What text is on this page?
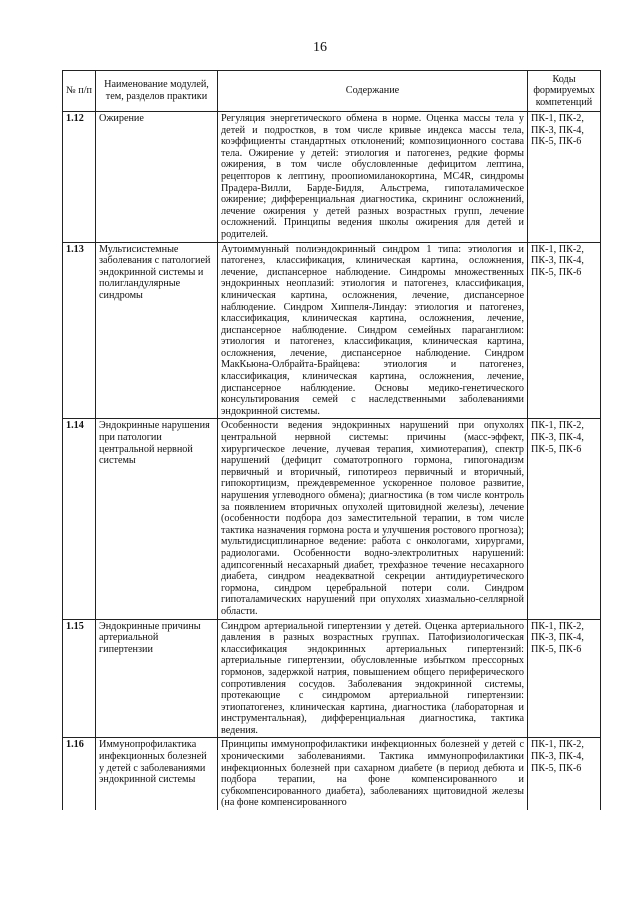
16
№ п/п	Наименование модулей, тем, разделов практики	Содержание	Коды формируемых компетенций
1.12	Ожирение	Регуляция энергетического обмена в норме. Оценка массы тела у детей и подростков, в том числе кривые индекса массы тела, коэффициенты стандартных отклонений; композиционного состава тела. Ожирение у детей: этиология и патогенез, редкие формы ожирения, в том числе обусловленные дефицитом лептина, рецепторов к лептину, проопиомиланокортина, MC4R, синдромы Прадера-Вилли, Барде-Бидля, Альстрема, гипоталамическое ожирение; дифференциальная диагностика, скрининг осложнений, лечение ожирения у детей разных возрастных групп, лечение осложнений. Принципы ведения школы ожирения для детей и родителей.	ПК-1, ПК-2, ПК-3, ПК-4, ПК-5, ПК-6
1.13	Мультисистемные заболевания с патологией эндокринной системы и полигландулярные синдромы	Аутоиммунный полиэндокринный синдром 1 типа: этиология и патогенез, классификация, клиническая картина, осложнения, лечение, диспансерное наблюдение. Синдромы множественных эндокринных неоплазий: этиология и патогенез, классификация, клиническая картина, осложнения, лечение, диспансерное наблюдение. Синдром Хиппеля-Линдау: этиология и патогенез, классификация, клиническая картина, осложнения, лечение, диспансерное наблюдение. Синдром семейных параганглиом: этиология и патогенез, классификация, клиническая картина, осложнения, лечение, диспансерное наблюдение. Синдром МакКьюна-Олбрайта-Брайцева: этиология и патогенез, классификация, клиническая картина, осложнения, лечение, диспансерное наблюдение. Основы медико-генетического консультирования семей с наследственными заболеваниями эндокринной системы.	ПК-1, ПК-2, ПК-3, ПК-4, ПК-5, ПК-6
1.14	Эндокринные нарушения при патологии центральной нервной системы	Особенности ведения эндокринных нарушений при опухолях центральной нервной системы: причины (масс-эффект, хирургическое лечение, лучевая терапия, химиотерапия), спектр нарушений (дефицит соматотропного гормона, гипогонадизм первичный и вторичный, гипотиреоз первичный и вторичный, гипокортицизм, преждевременное ускоренное половое развитие, нарушения углеводного обмена); диагностика (в том числе контроль за появлением вторичных опухолей щитовидной железы), лечение (особенности подбора доз заместительной терапии, в том числе тактика назначения гормона роста и улучшения ростового прогноза); мультидисциплинарное ведение: работа с онкологами, хирургами, радиологами. Особенности водно-электролитных нарушений: адипсогенный несахарный диабет, трехфазное течение несахарного диабета, синдром неадекватной секреции антидиуретического гормона, синдром церебральной потери соли. Синдром гипоталамических нарушений при опухолях хиазмально-селлярной области.	ПК-1, ПК-2, ПК-3, ПК-4, ПК-5, ПК-6
1.15	Эндокринные причины артериальной гипертензии	Синдром артериальной гипертензии у детей. Оценка артериального давления в разных возрастных группах. Патофизиологическая классификация эндокринных артериальных гипертензий: артериальные гипертензии, обусловленные избытком прессорных гормонов, задержкой натрия, повышением общего периферического сопротивления сосудов. Заболевания эндокринной системы, протекающие с синдромом артериальной гипертензии: этиопатогенез, клиническая картина, диагностика (лабораторная и инструментальная), дифференциальная диагностика, тактика ведения.	ПК-1, ПК-2, ПК-3, ПК-4, ПК-5, ПК-6
1.16	Иммунопрофилактика инфекционных болезней у детей с заболеваниями эндокринной системы	Принципы иммунопрофилактики инфекционных болезней у детей с хроническими заболеваниями. Тактика иммунопрофилактики инфекционных болезней при сахарном диабете (в период дебюта и подбора терапии, на фоне компенсированного и субкомпенсированного диабета), заболеваниях щитовидной железы (на фоне компенсированного	ПК-1, ПК-2, ПК-3, ПК-4, ПК-5, ПК-6
